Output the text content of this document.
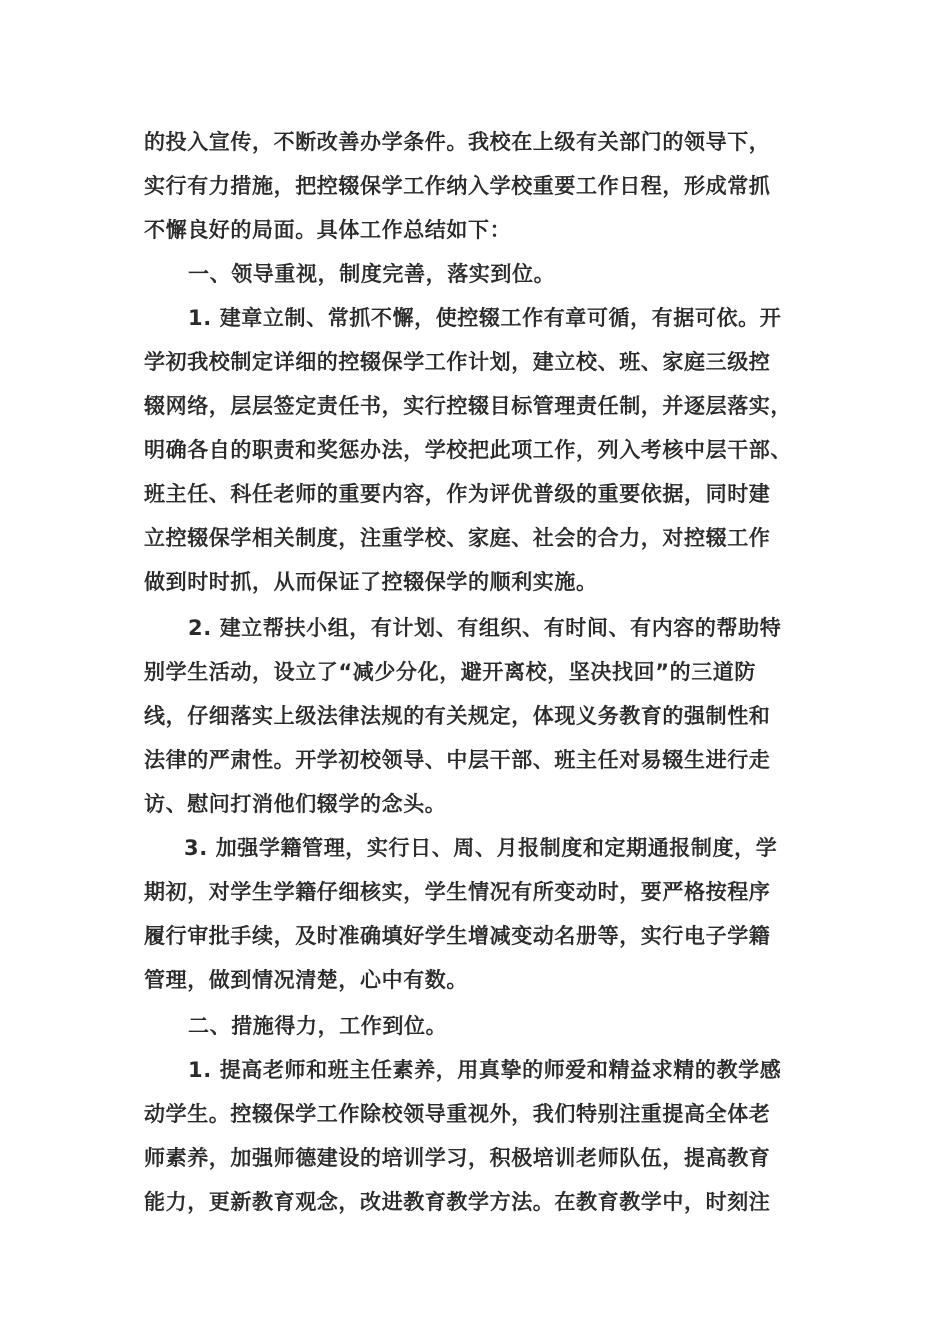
的投入宣传，不断改善办学条件。我校在上级有关部门的领导下，
实行有力措施，把控辍保学工作纳入学校重要工作日程，形成常抓
不懈良好的局面。具体工作总结如下：
一、领导重视，制度完善，落实到位。
1. 建章立制、常抓不懈，使控辍工作有章可循，有据可依。开
学初我校制定详细的控辍保学工作计划，建立校、班、家庭三级控
辍网络，层层签定责任书，实行控辍目标管理责任制，并逐层落实，
明确各自的职责和奖惩办法，学校把此项工作，列入考核中层干部、
班主任、科任老师的重要内容，作为评优普级的重要依据，同时建
立控辍保学相关制度，注重学校、家庭、社会的合力，对控辍工作
做到时时抓，从而保证了控辍保学的顺利实施。
2. 建立帮扶小组，有计划、有组织、有时间、有内容的帮助特
别学生活动，设立了“减少分化，避开离校，坚决找回”的三道防
线，仔细落实上级法律法规的有关规定，体现义务教育的强制性和
法律的严肃性。开学初校领导、中层干部、班主任对易辍生进行走
访、慰问打消他们辍学的念头。
3. 加强学籍管理，实行日、周、月报制度和定期通报制度，学
期初，对学生学籍仔细核实，学生情况有所变动时，要严格按程序
履行审批手续，及时准确填好学生增减变动名册等，实行电子学籍
管理，做到情况清楚，心中有数。
二、措施得力，工作到位。
1. 提高老师和班主任素养，用真挚的师爱和精益求精的教学感
动学生。控辍保学工作除校领导重视外，我们特别注重提高全体老
师素养，加强师德建设的培训学习，积极培训老师队伍，提高教育
能力，更新教育观念，改进教育教学方法。在教育教学中，时刻注
